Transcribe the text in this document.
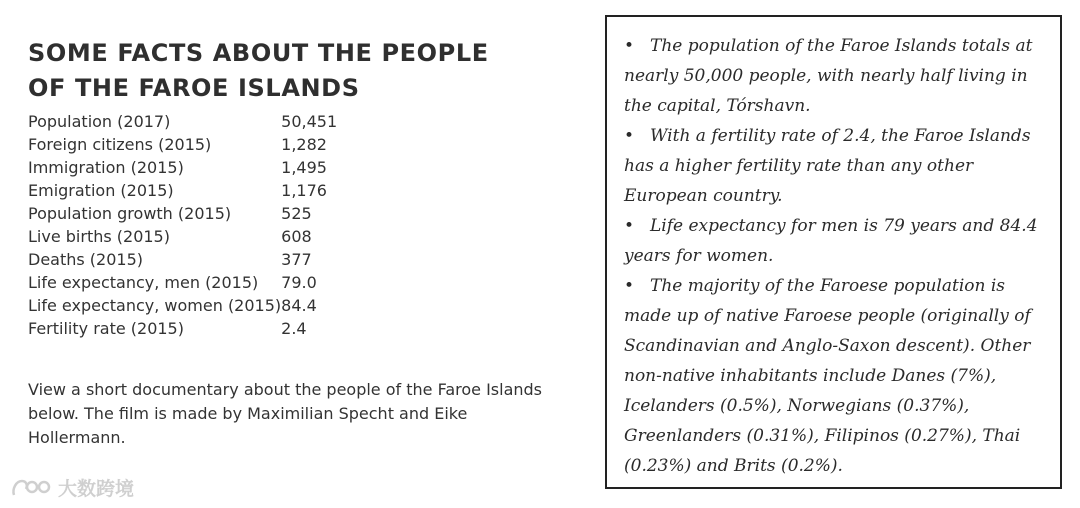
SOME FACTS ABOUT THE PEOPLE OF THE FAROE ISLANDS
Population (2017)	50,451
Foreign citizens (2015)	1,282
Immigration (2015)	1,495
Emigration (2015)	1,176
Population growth (2015)	525
Live births (2015)	608
Deaths (2015)	377
Life expectancy, men (2015)	79.0
Life expectancy, women (2015)	84.4
Fertility rate (2015)	2.4

View a short documentary about the people of the Faroe Islands below. The film is made by Maximilian Specht and Eike Hollermann.

大数跨境
• The population of the Faroe Islands totals at nearly 50,000 people, with nearly half living in the capital, Tórshavn.
• With a fertility rate of 2.4, the Faroe Islands has a higher fertility rate than any other European country.
• Life expectancy for men is 79 years and 84.4 years for women.
• The majority of the Faroese population is made up of native Faroese people (originally of Scandinavian and Anglo-Saxon descent). Other non-native inhabitants include Danes (7%), Icelanders (0.5%), Norwegians (0.37%), Greenlanders (0.31%), Filipinos (0.27%), Thai (0.23%) and Brits (0.2%).
